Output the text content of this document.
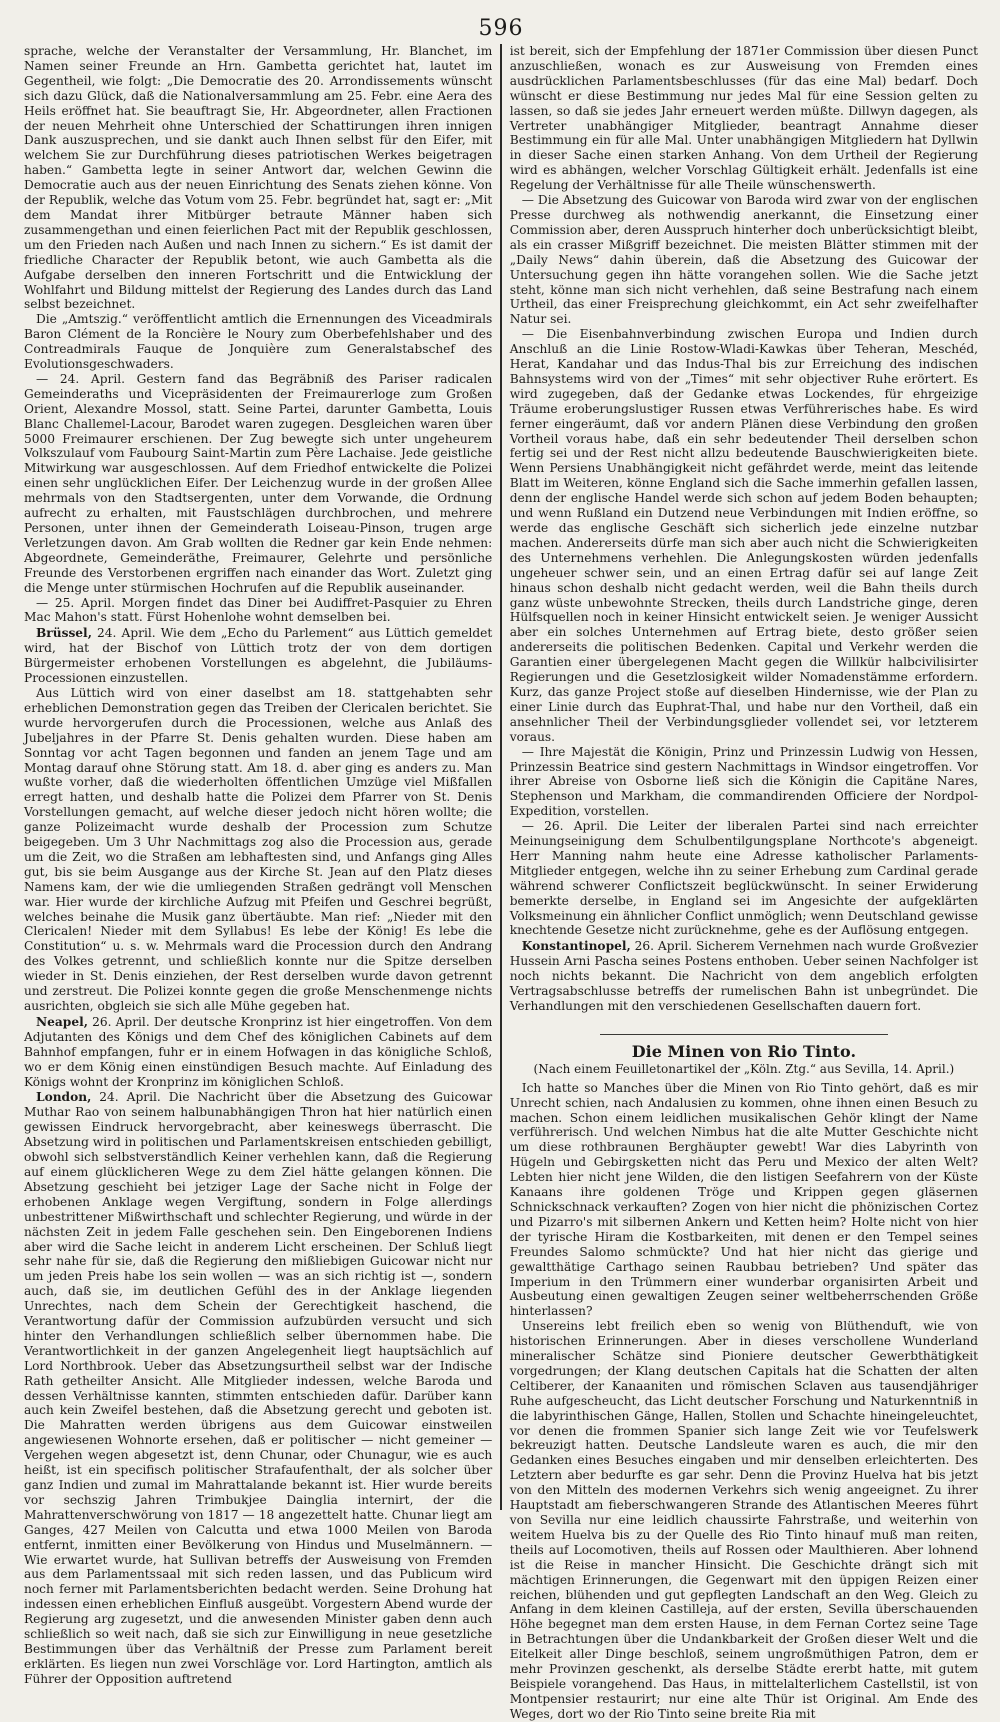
596

sprache, welche der Veranstalter der Versammlung, Hr. Blanchet, im Namen seiner Freunde an Hrn. Gambetta gerichtet hat, lautet im Gegentheil, wie folgt: „Die Democratie des 20. Arrondissements wünscht sich dazu Glück, daß die Nationalversammlung am 25. Febr. eine Aera des Heils eröffnet hat. Sie beauftragt Sie, Hr. Abgeordneter, allen Fractionen der neuen Mehrheit ohne Unterschied der Schattirungen ihren innigen Dank auszusprechen, und sie dankt auch Ihnen selbst für den Eifer, mit welchem Sie zur Durchführung dieses patriotischen Werkes beigetragen haben.“ Gambetta legte in seiner Antwort dar, welchen Gewinn die Democratie auch aus der neuen Einrichtung des Senats ziehen könne. Von der Republik, welche das Votum vom 25. Febr. begründet hat, sagt er: „Mit dem Mandat ihrer Mitbürger betraute Männer haben sich zusammengethan und einen feierlichen Pact mit der Republik geschlossen, um den Frieden nach Außen und nach Innen zu sichern.“ Es ist damit der friedliche Character der Republik betont, wie auch Gambetta als die Aufgabe derselben den inneren Fortschritt und die Entwicklung der Wohlfahrt und Bildung mittelst der Regierung des Landes durch das Land selbst bezeichnet.

Die „Amtszig.“ veröffentlicht amtlich die Ernennungen des Viceadmirals Baron Clément de la Roncière le Noury zum Oberbefehlshaber und des Contreadmirals Fauque de Jonquière zum Generalstabschef des Evolutionsgeschwaders.

— 24. April. Gestern fand das Begräbniß des Pariser radicalen Gemeinderaths und Vicepräsidenten der Freimaurerloge zum Großen Orient, Alexandre Mossol, statt. Seine Partei, darunter Gambetta, Louis Blanc Challemel-Lacour, Barodet waren zugegen. Desgleichen waren über 5000 Freimaurer erschienen. Der Zug bewegte sich unter ungeheurem Volkszulauf vom Faubourg Saint-Martin zum Père Lachaise. Jede geistliche Mitwirkung war ausgeschlossen. Auf dem Friedhof entwickelte die Polizei einen sehr unglücklichen Eifer. Der Leichenzug wurde in der großen Allee mehrmals von den Stadtsergenten, unter dem Vorwande, die Ordnung aufrecht zu erhalten, mit Faustschlägen durchbrochen, und mehrere Personen, unter ihnen der Gemeinderath Loiseau-Pinson, trugen arge Verletzungen davon. Am Grab wollten die Redner gar kein Ende nehmen: Abgeordnete, Gemeinderäthe, Freimaurer, Gelehrte und persönliche Freunde des Verstorbenen ergriffen nach einander das Wort. Zuletzt ging die Menge unter stürmischen Hochrufen auf die Republik auseinander.

— 25. April. Morgen findet das Diner bei Audiffret-Pasquier zu Ehren Mac Mahon's statt. Fürst Hohenlohe wohnt demselben bei.

Brüssel, 24. April. Wie dem „Echo du Parlement“ aus Lüttich gemeldet wird, hat der Bischof von Lüttich trotz der von dem dortigen Bürgermeister erhobenen Vorstellungen es abgelehnt, die Jubiläums-Processionen einzustellen.

Aus Lüttich wird von einer daselbst am 18. stattgehabten sehr erheblichen Demonstration gegen das Treiben der Clericalen berichtet. Sie wurde hervorgerufen durch die Processionen, welche aus Anlaß des Jubeljahres in der Pfarre St. Denis gehalten wurden. Diese haben am Sonntag vor acht Tagen begonnen und fanden an jenem Tage und am Montag darauf ohne Störung statt. Am 18. d. aber ging es anders zu. Man wußte vorher, daß die wiederholten öffentlichen Umzüge viel Mißfallen erregt hatten, und deshalb hatte die Polizei dem Pfarrer von St. Denis Vorstellungen gemacht, auf welche dieser jedoch nicht hören wollte; die ganze Polizeimacht wurde deshalb der Procession zum Schutze beigegeben. Um 3 Uhr Nachmittags zog also die Procession aus, gerade um die Zeit, wo die Straßen am lebhaftesten sind, und Anfangs ging Alles gut, bis sie beim Ausgange aus der Kirche St. Jean auf den Platz dieses Namens kam, der wie die umliegenden Straßen gedrängt voll Menschen war. Hier wurde der kirchliche Aufzug mit Pfeifen und Geschrei begrüßt, welches beinahe die Musik ganz übertäubte. Man rief: „Nieder mit den Clericalen! Nieder mit dem Syllabus! Es lebe der König! Es lebe die Constitution“ u. s. w. Mehrmals ward die Procession durch den Andrang des Volkes getrennt, und schließlich konnte nur die Spitze derselben wieder in St. Denis einziehen, der Rest derselben wurde davon getrennt und zerstreut. Die Polizei konnte gegen die große Menschenmenge nichts ausrichten, obgleich sie sich alle Mühe gegeben hat.

Neapel, 26. April. Der deutsche Kronprinz ist hier eingetroffen. Von dem Adjutanten des Königs und dem Chef des königlichen Cabinets auf dem Bahnhof empfangen, fuhr er in einem Hofwagen in das königliche Schloß, wo er dem König einen einstündigen Besuch machte. Auf Einladung des Königs wohnt der Kronprinz im königlichen Schloß.

London, 24. April. Die Nachricht über die Absetzung des Guicowar Muthar Rao von seinem halbunabhängigen Thron hat hier natürlich einen gewissen Eindruck hervorgebracht, aber keineswegs überrascht. Die Absetzung wird in politischen und Parlamentskreisen entschieden gebilligt, obwohl sich selbstverständlich Keiner verhehlen kann, daß die Regierung auf einem glücklicheren Wege zu dem Ziel hätte gelangen können. Die Absetzung geschieht bei jetziger Lage der Sache nicht in Folge der erhobenen Anklage wegen Vergiftung, sondern in Folge allerdings unbestrittener Mißwirthschaft und schlechter Regierung, und würde in der nächsten Zeit in jedem Falle geschehen sein. Den Eingeborenen Indiens aber wird die Sache leicht in anderem Licht erscheinen. Der Schluß liegt sehr nahe für sie, daß die Regierung den mißliebigen Guicowar nicht nur um jeden Preis habe los sein wollen — was an sich richtig ist —, sondern auch, daß sie, im deutlichen Gefühl des in der Anklage liegenden Unrechtes, nach dem Schein der Gerechtigkeit haschend, die Verantwortung dafür der Commission aufzubürden versucht und sich hinter den Verhandlungen schließlich selber übernommen habe. Die Verantwortlichkeit in der ganzen Angelegenheit liegt hauptsächlich auf Lord Northbrook. Ueber das Absetzungsurtheil selbst war der Indische Rath getheilter Ansicht. Alle Mitglieder indessen, welche Baroda und dessen Verhältnisse kannten, stimmten entschieden dafür. Darüber kann auch kein Zweifel bestehen, daß die Absetzung gerecht und geboten ist. Die Mahratten werden übrigens aus dem Guicowar einstweilen angewiesenen Wohnorte ersehen, daß er politischer — nicht gemeiner — Vergehen wegen abgesetzt ist, denn Chunar, oder Chunagur, wie es auch heißt, ist ein specifisch politischer Strafaufenthalt, der als solcher über ganz Indien und zumal im Mahrattalande bekannt ist. Hier wurde bereits vor sechszig Jahren Trimbukjee Dainglia internirt, der die Mahrattenverschwörung von 1817 — 18 angezettelt hatte. Chunar liegt am Ganges, 427 Meilen von Calcutta und etwa 1000 Meilen von Baroda entfernt, inmitten einer Bevölkerung von Hindus und Muselmännern. — Wie erwartet wurde, hat Sullivan betreffs der Ausweisung von Fremden aus dem Parlamentssaal mit sich reden lassen, und das Publicum wird noch ferner mit Parlamentsberichten bedacht werden. Seine Drohung hat indessen einen erheblichen Einfluß ausgeübt. Vorgestern Abend wurde der Regierung arg zugesetzt, und die anwesenden Minister gaben denn auch schließlich so weit nach, daß sie sich zur Einwilligung in neue gesetzliche Bestimmungen über das Verhältniß der Presse zum Parlament bereit erklärten. Es liegen nun zwei Vorschläge vor. Lord Hartington, amtlich als Führer der Opposition auftretend

ist bereit, sich der Empfehlung der 1871er Commission über diesen Punct anzuschließen, wonach es zur Ausweisung von Fremden eines ausdrücklichen Parlamentsbeschlusses (für das eine Mal) bedarf. Doch wünscht er diese Bestimmung nur jedes Mal für eine Session gelten zu lassen, so daß sie jedes Jahr erneuert werden müßte. Dillwyn dagegen, als Vertreter unabhängiger Mitglieder, beantragt Annahme dieser Bestimmung ein für alle Mal. Unter unabhängigen Mitgliedern hat Dyllwin in dieser Sache einen starken Anhang. Von dem Urtheil der Regierung wird es abhängen, welcher Vorschlag Gültigkeit erhält. Jedenfalls ist eine Regelung der Verhältnisse für alle Theile wünschenswerth.

— Die Absetzung des Guicowar von Baroda wird zwar von der englischen Presse durchweg als nothwendig anerkannt, die Einsetzung einer Commission aber, deren Ausspruch hinterher doch unberücksichtigt bleibt, als ein crasser Mißgriff bezeichnet. Die meisten Blätter stimmen mit der „Daily News“ dahin überein, daß die Absetzung des Guicowar der Untersuchung gegen ihn hätte vorangehen sollen. Wie die Sache jetzt steht, könne man sich nicht verhehlen, daß seine Bestrafung nach einem Urtheil, das einer Freisprechung gleichkommt, ein Act sehr zweifelhafter Natur sei.

— Die Eisenbahnverbindung zwischen Europa und Indien durch Anschluß an die Linie Rostow-Wladi-Kawkas über Teheran, Meschéd, Herat, Kandahar und das Indus-Thal bis zur Erreichung des indischen Bahnsystems wird von der „Times“ mit sehr objectiver Ruhe erörtert. Es wird zugegeben, daß der Gedanke etwas Lockendes, für ehrgeizige Träume eroberungslustiger Russen etwas Verführerisches habe. Es wird ferner eingeräumt, daß vor andern Plänen diese Verbindung den großen Vortheil voraus habe, daß ein sehr bedeutender Theil derselben schon fertig sei und der Rest nicht allzu bedeutende Bauschwierigkeiten biete. Wenn Persiens Unabhängigkeit nicht gefährdet werde, meint das leitende Blatt im Weiteren, könne England sich die Sache immerhin gefallen lassen, denn der englische Handel werde sich schon auf jedem Boden behaupten; und wenn Rußland ein Dutzend neue Verbindungen mit Indien eröffne, so werde das englische Geschäft sich sicherlich jede einzelne nutzbar machen. Andererseits dürfe man sich aber auch nicht die Schwierigkeiten des Unternehmens verhehlen. Die Anlegungskosten würden jedenfalls ungeheuer schwer sein, und an einen Ertrag dafür sei auf lange Zeit hinaus schon deshalb nicht gedacht werden, weil die Bahn theils durch ganz wüste unbewohnte Strecken, theils durch Landstriche ginge, deren Hülfsquellen noch in keiner Hinsicht entwickelt seien. Je weniger Aussicht aber ein solches Unternehmen auf Ertrag biete, desto größer seien andererseits die politischen Bedenken. Capital und Verkehr werden die Garantien einer übergelegenen Macht gegen die Willkür halbcivilisirter Regierungen und die Gesetzlosigkeit wilder Nomadenstämme erfordern. Kurz, das ganze Project stoße auf dieselben Hindernisse, wie der Plan zu einer Linie durch das Euphrat-Thal, und habe nur den Vortheil, daß ein ansehnlicher Theil der Verbindungsglieder vollendet sei, vor letzterem voraus.

— Ihre Majestät die Königin, Prinz und Prinzessin Ludwig von Hessen, Prinzessin Beatrice sind gestern Nachmittags in Windsor eingetroffen. Vor ihrer Abreise von Osborne ließ sich die Königin die Capitäne Nares, Stephenson und Markham, die commandirenden Officiere der Nordpol-Expedition, vorstellen.

— 26. April. Die Leiter der liberalen Partei sind nach erreichter Meinungseinigung dem Schulbentilgungsplane Northcote's abgeneigt. Herr Manning nahm heute eine Adresse katholischer Parlaments-Mitglieder entgegen, welche ihn zu seiner Erhebung zum Cardinal gerade während schwerer Conflictszeit beglückwünscht. In seiner Erwiderung bemerkte derselbe, in England sei im Angesichte der aufgeklärten Volksmeinung ein ähnlicher Conflict unmöglich; wenn Deutschland gewisse knechtende Gesetze nicht zurücknehme, gehe es der Auflösung entgegen.

Konstantinopel, 26. April. Sicherem Vernehmen nach wurde Großvezier Hussein Arni Pascha seines Postens enthoben. Ueber seinen Nachfolger ist noch nichts bekannt. Die Nachricht von dem angeblich erfolgten Vertragsabschlusse betreffs der rumelischen Bahn ist unbegründet. Die Verhandlungen mit den verschiedenen Gesellschaften dauern fort.

Die Minen von Rio Tinto.
(Nach einem Feuilletonartikel der „Köln. Ztg.“ aus Sevilla, 14. April.)

Ich hatte so Manches über die Minen von Rio Tinto gehört, daß es mir Unrecht schien, nach Andalusien zu kommen, ohne ihnen einen Besuch zu machen. Schon einem leidlichen musikalischen Gehör klingt der Name verführerisch. Und welchen Nimbus hat die alte Mutter Geschichte nicht um diese rothbraunen Berghäupter gewebt! War dies Labyrinth von Hügeln und Gebirgsketten nicht das Peru und Mexico der alten Welt? Lebten hier nicht jene Wilden, die den listigen Seefahrern von der Küste Kanaans ihre goldenen Tröge und Krippen gegen gläsernen Schnickschnack verkauften? Zogen von hier nicht die phönizischen Cortez und Pizarro's mit silbernen Ankern und Ketten heim? Holte nicht von hier der tyrische Hiram die Kostbarkeiten, mit denen er den Tempel seines Freundes Salomo schmückte? Und hat hier nicht das gierige und gewaltthätige Carthago seinen Raubbau betrieben? Und später das Imperium in den Trümmern einer wunderbar organisirten Arbeit und Ausbeutung einen gewaltigen Zeugen seiner weltbeherrschenden Größe hinterlassen?

Unsereins lebt freilich eben so wenig von Blüthenduft, wie von historischen Erinnerungen. Aber in dieses verschollene Wunderland mineralischer Schätze sind Pioniere deutscher Gewerbthätigkeit vorgedrungen; der Klang deutschen Capitals hat die Schatten der alten Celtiberer, der Kanaaniten und römischen Sclaven aus tausendjähriger Ruhe aufgescheucht, das Licht deutscher Forschung und Naturkenntniß in die labyrinthischen Gänge, Hallen, Stollen und Schachte hineingeleuchtet, vor denen die frommen Spanier sich lange Zeit wie vor Teufelswerk bekreuzigt hatten. Deutsche Landsleute waren es auch, die mir den Gedanken eines Besuches eingaben und mir denselben erleichterten. Des Letztern aber bedurfte es gar sehr. Denn die Provinz Huelva hat bis jetzt von den Mitteln des modernen Verkehrs sich wenig angeeignet. Zu ihrer Hauptstadt am fieberschwangeren Strande des Atlantischen Meeres führt von Sevilla nur eine leidlich chaussirte Fahrstraße, und weiterhin von weitem Huelva bis zu der Quelle des Rio Tinto hinauf muß man reiten, theils auf Locomotiven, theils auf Rossen oder Maulthieren. Aber lohnend ist die Reise in mancher Hinsicht. Die Geschichte drängt sich mit mächtigen Erinnerungen, die Gegenwart mit den üppigen Reizen einer reichen, blühenden und gut gepflegten Landschaft an den Weg. Gleich zu Anfang in dem kleinen Castilleja, auf der ersten, Sevilla überschauenden Höhe begegnet man dem ersten Hause, in dem Fernan Cortez seine Tage in Betrachtungen über die Undankbarkeit der Großen dieser Welt und die Eitelkeit aller Dinge beschloß, seinem ungroßmüthigen Patron, dem er mehr Provinzen geschenkt, als derselbe Städte ererbt hatte, mit gutem Beispiele vorangehend. Das Haus, in mittelalterlichem Castellstil, ist von Montpensier restaurirt; nur eine alte Thür ist Original. Am Ende des Weges, dort wo der Rio Tinto seine breite Ria mit
